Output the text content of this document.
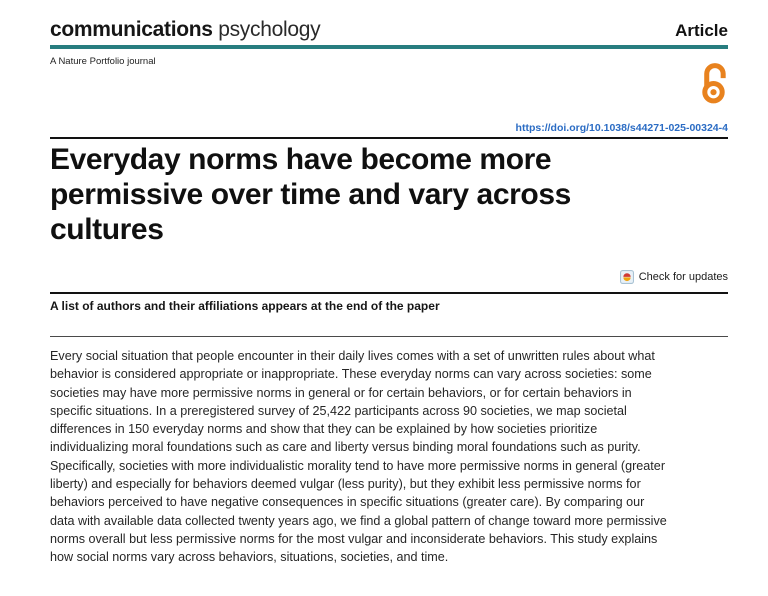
communications psychology	Article
A Nature Portfolio journal
https://doi.org/10.1038/s44271-025-00324-4
Everyday norms have become more permissive over time and vary across cultures
Check for updates

A list of authors and their affiliations appears at the end of the paper

Every social situation that people encounter in their daily lives comes with a set of unwritten rules about what behavior is considered appropriate or inappropriate. These everyday norms can vary across societies: some societies may have more permissive norms in general or for certain behaviors, or for certain behaviors in specific situations. In a preregistered survey of 25,422 participants across 90 societies, we map societal differences in 150 everyday norms and show that they can be explained by how societies prioritize individualizing moral foundations such as care and liberty versus binding moral foundations such as purity. Specifically, societies with more individualistic morality tend to have more permissive norms in general (greater liberty) and especially for behaviors deemed vulgar (less purity), but they exhibit less permissive norms for behaviors perceived to have negative consequences in specific situations (greater care). By comparing our data with available data collected twenty years ago, we find a global pattern of change toward more permissive norms overall but less permissive norms for the most vulgar and inconsiderate behaviors. This study explains how social norms vary across behaviors, situations, societies, and time.
